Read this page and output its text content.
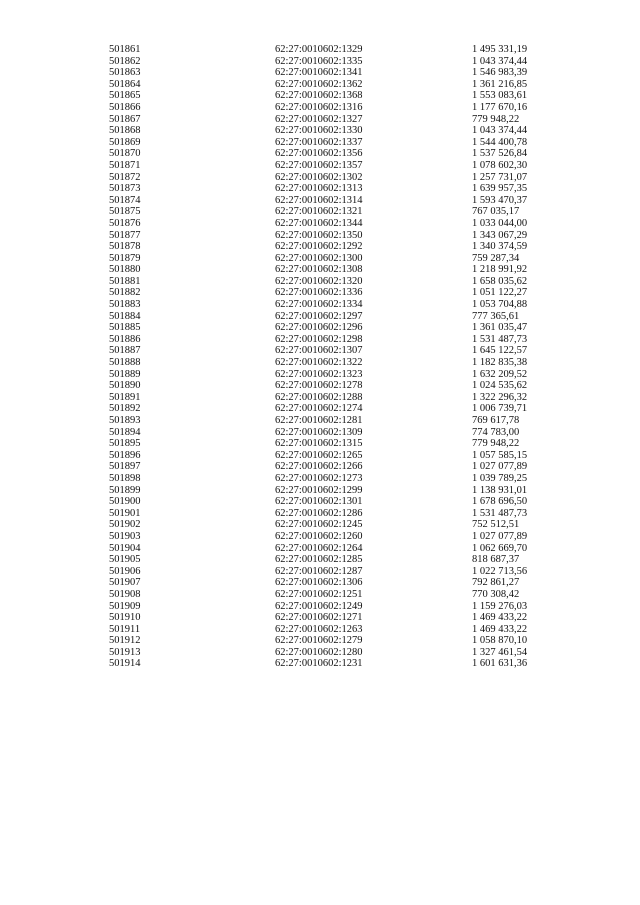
501861	62:27:0010602:1329	1 495 331,19
501862	62:27:0010602:1335	1 043 374,44
501863	62:27:0010602:1341	1 546 983,39
501864	62:27:0010602:1362	1 361 216,85
501865	62:27:0010602:1368	1 553 083,61
501866	62:27:0010602:1316	1 177 670,16
501867	62:27:0010602:1327	779 948,22
501868	62:27:0010602:1330	1 043 374,44
501869	62:27:0010602:1337	1 544 400,78
501870	62:27:0010602:1356	1 537 526,84
501871	62:27:0010602:1357	1 078 602,30
501872	62:27:0010602:1302	1 257 731,07
501873	62:27:0010602:1313	1 639 957,35
501874	62:27:0010602:1314	1 593 470,37
501875	62:27:0010602:1321	767 035,17
501876	62:27:0010602:1344	1 033 044,00
501877	62:27:0010602:1350	1 343 067,29
501878	62:27:0010602:1292	1 340 374,59
501879	62:27:0010602:1300	759 287,34
501880	62:27:0010602:1308	1 218 991,92
501881	62:27:0010602:1320	1 658 035,62
501882	62:27:0010602:1336	1 051 122,27
501883	62:27:0010602:1334	1 053 704,88
501884	62:27:0010602:1297	777 365,61
501885	62:27:0010602:1296	1 361 035,47
501886	62:27:0010602:1298	1 531 487,73
501887	62:27:0010602:1307	1 645 122,57
501888	62:27:0010602:1322	1 182 835,38
501889	62:27:0010602:1323	1 632 209,52
501890	62:27:0010602:1278	1 024 535,62
501891	62:27:0010602:1288	1 322 296,32
501892	62:27:0010602:1274	1 006 739,71
501893	62:27:0010602:1281	769 617,78
501894	62:27:0010602:1309	774 783,00
501895	62:27:0010602:1315	779 948,22
501896	62:27:0010602:1265	1 057 585,15
501897	62:27:0010602:1266	1 027 077,89
501898	62:27:0010602:1273	1 039 789,25
501899	62:27:0010602:1299	1 138 931,01
501900	62:27:0010602:1301	1 678 696,50
501901	62:27:0010602:1286	1 531 487,73
501902	62:27:0010602:1245	752 512,51
501903	62:27:0010602:1260	1 027 077,89
501904	62:27:0010602:1264	1 062 669,70
501905	62:27:0010602:1285	818 687,37
501906	62:27:0010602:1287	1 022 713,56
501907	62:27:0010602:1306	792 861,27
501908	62:27:0010602:1251	770 308,42
501909	62:27:0010602:1249	1 159 276,03
501910	62:27:0010602:1271	1 469 433,22
501911	62:27:0010602:1263	1 469 433,22
501912	62:27:0010602:1279	1 058 870,10
501913	62:27:0010602:1280	1 327 461,54
501914	62:27:0010602:1231	1 601 631,36
